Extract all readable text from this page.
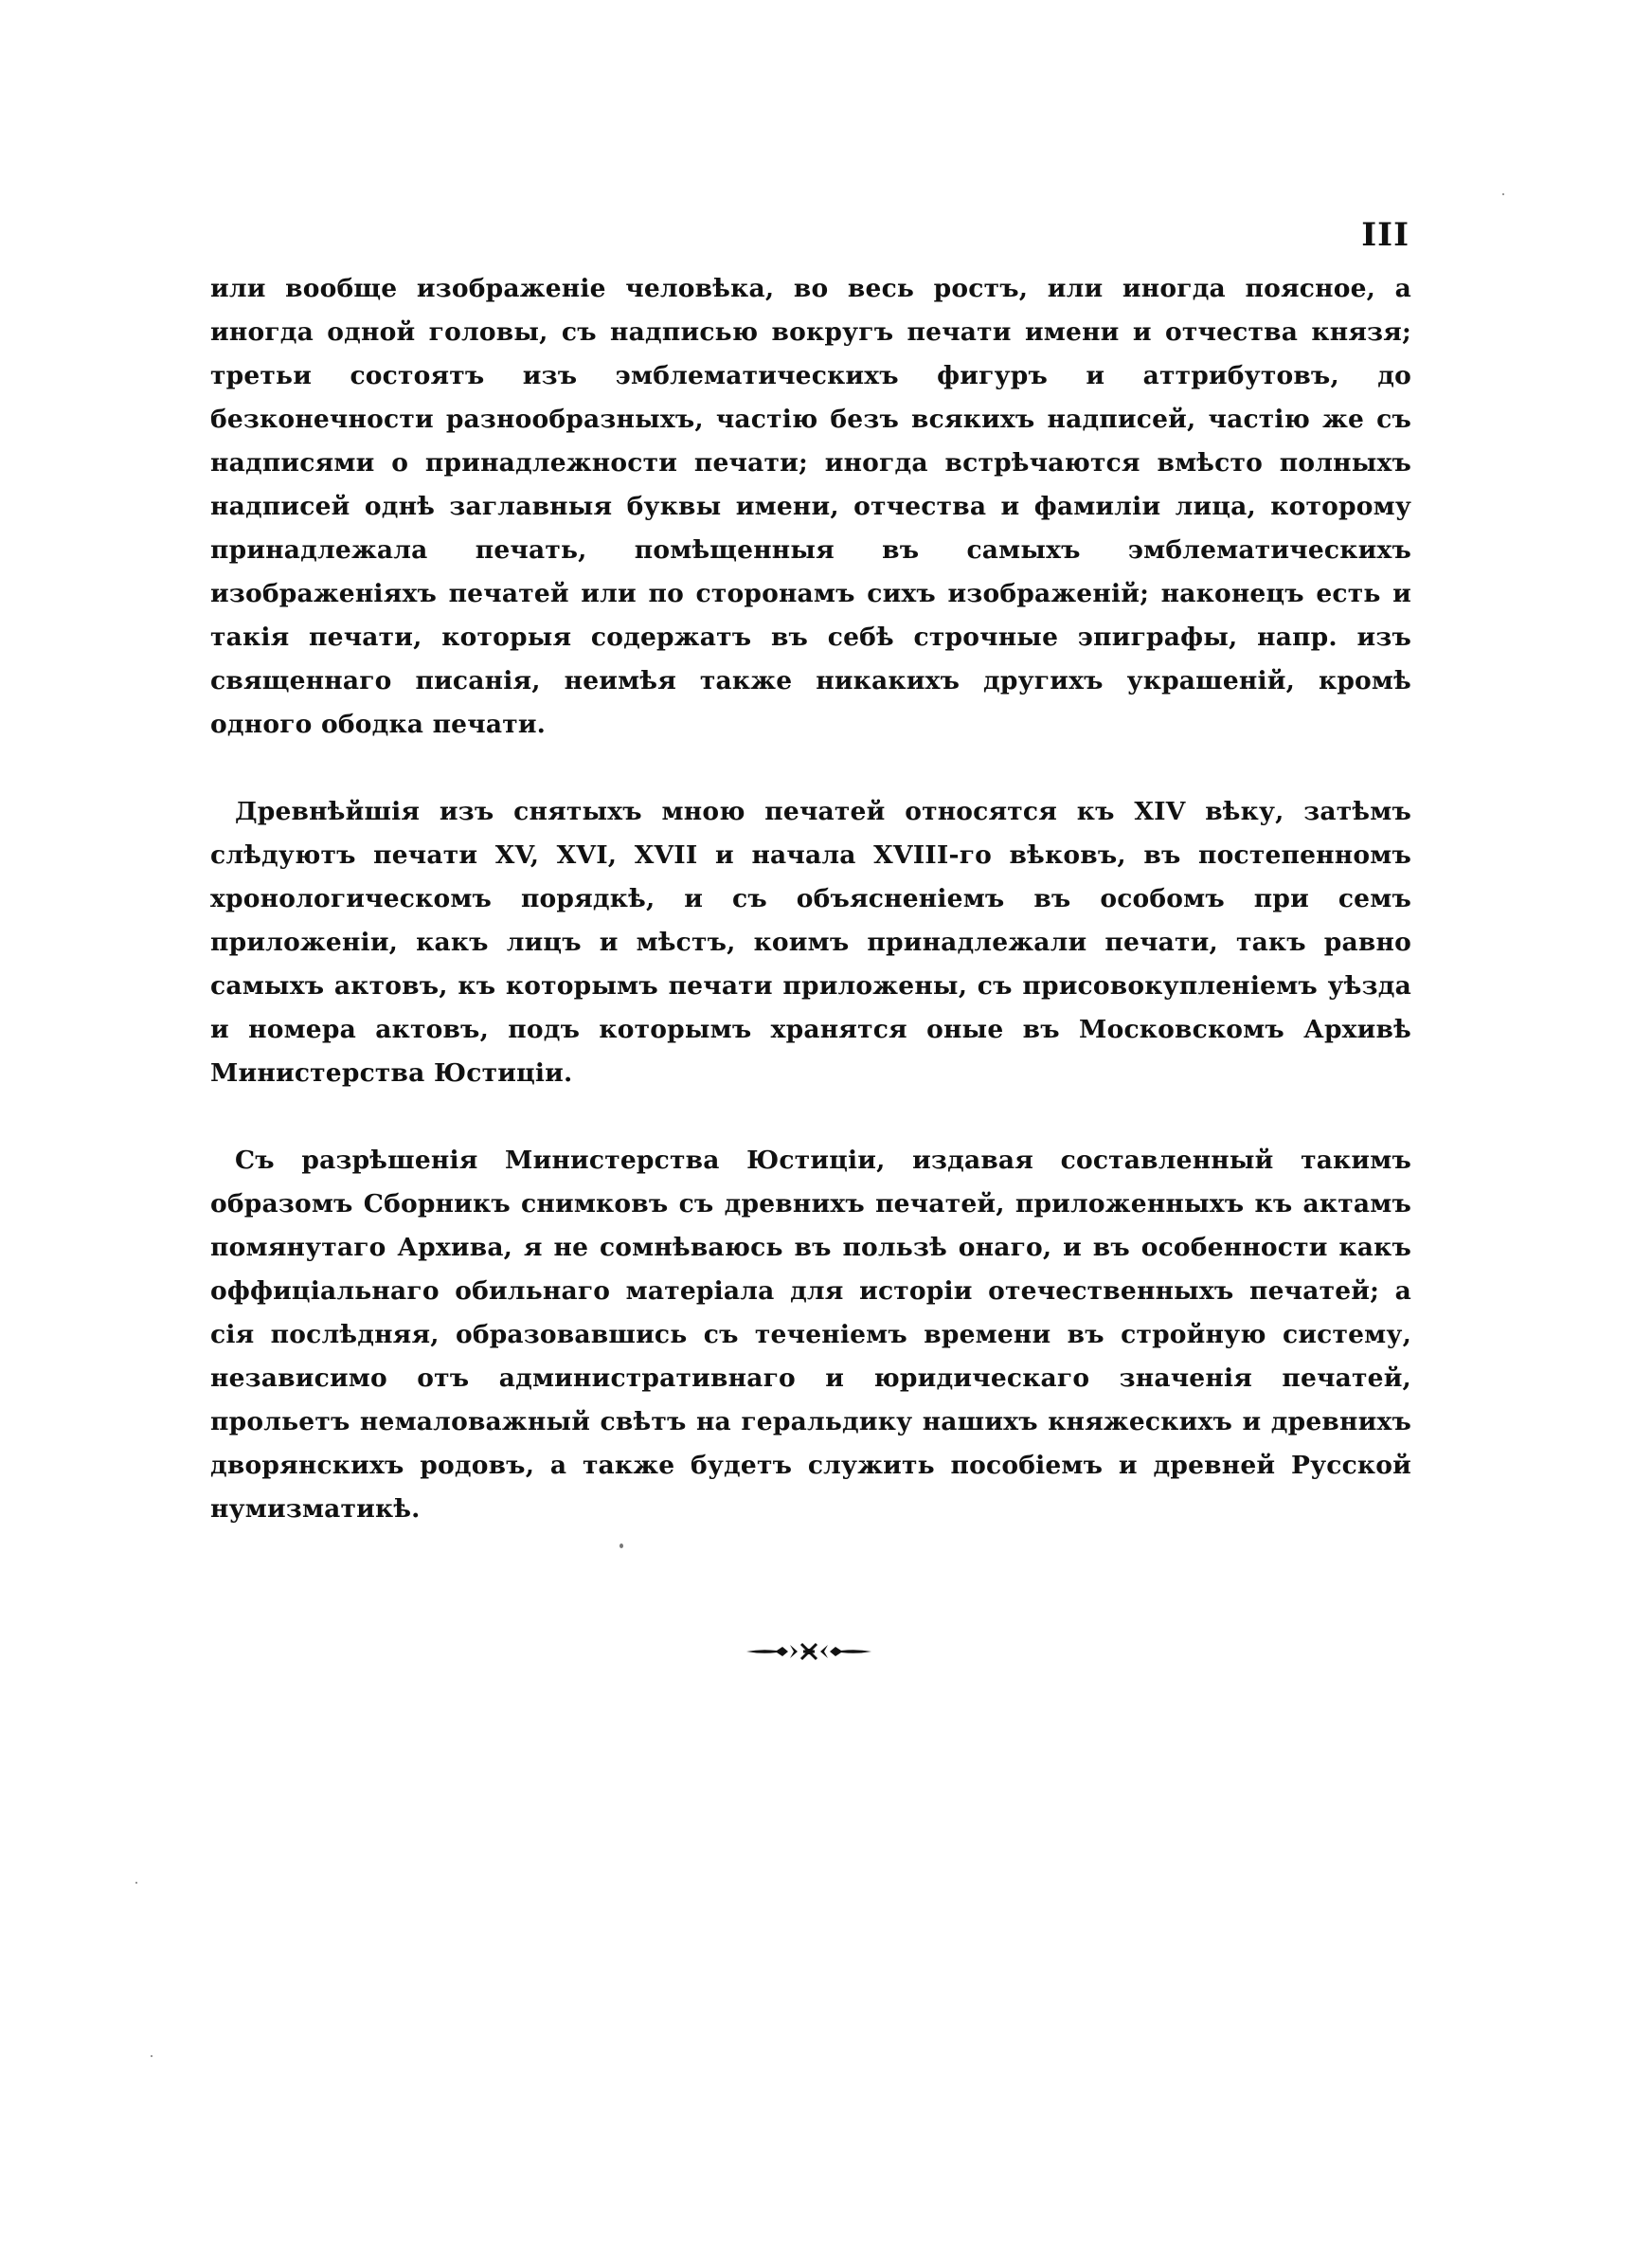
III

или вообще изображеніе человѣка, во весь ростъ, или иногда поясное, а иногда одной головы, съ надписью вокругъ печати имени и отчества князя; третьи состоятъ изъ эмблематическихъ фигуръ и аттрибутовъ, до безконечности разнообразныхъ, частію безъ всякихъ надписей, частію же съ надписями о принадлежности печати; иногда встрѣчаются вмѣсто полныхъ надписей однѣ заглавныя буквы имени, отчества и фамиліи лица, которому принадлежала печать, помѣщенныя въ самыхъ эмблематическихъ изображеніяхъ печатей или по сторонамъ сихъ изображеній; наконецъ есть и такія печати, которыя содержатъ въ себѣ строчные эпиграфы, напр. изъ священнаго писанія, неимѣя также никакихъ другихъ украшеній, кромѣ одного ободка печати.

Древнѣйшія изъ снятыхъ мною печатей относятся къ XIV вѣку, затѣмъ слѣдуютъ печати XV, XVI, XVII и начала XVIII-го вѣковъ, въ постепенномъ хронологическомъ порядкѣ, и съ объясненіемъ въ особомъ при семъ приложеніи, какъ лицъ и мѣстъ, коимъ принадлежали печати, такъ равно самыхъ актовъ, къ которымъ печати приложены, съ присовокупленіемъ уѣзда и номера актовъ, подъ которымъ хранятся оные въ Московскомъ Архивѣ Министерства Юстиціи.

Съ разрѣшенія Министерства Юстиціи, издавая составленный такимъ образомъ Сборникъ снимковъ съ древнихъ печатей, приложенныхъ къ актамъ помянутаго Архива, я не сомнѣваюсь въ пользѣ онаго, и въ особенности какъ оффиціальнаго обильнаго матеріала для исторіи отечественныхъ печатей; а сія послѣдняя, образовавшись съ теченіемъ времени въ стройную систему, независимо отъ административнаго и юридическаго значенія печатей, прольетъ немаловажный свѣтъ на геральдику нашихъ княжескихъ и древнихъ дворянскихъ родовъ, а также будетъ служить пособіемъ и древней Русской нумизматикѣ.
